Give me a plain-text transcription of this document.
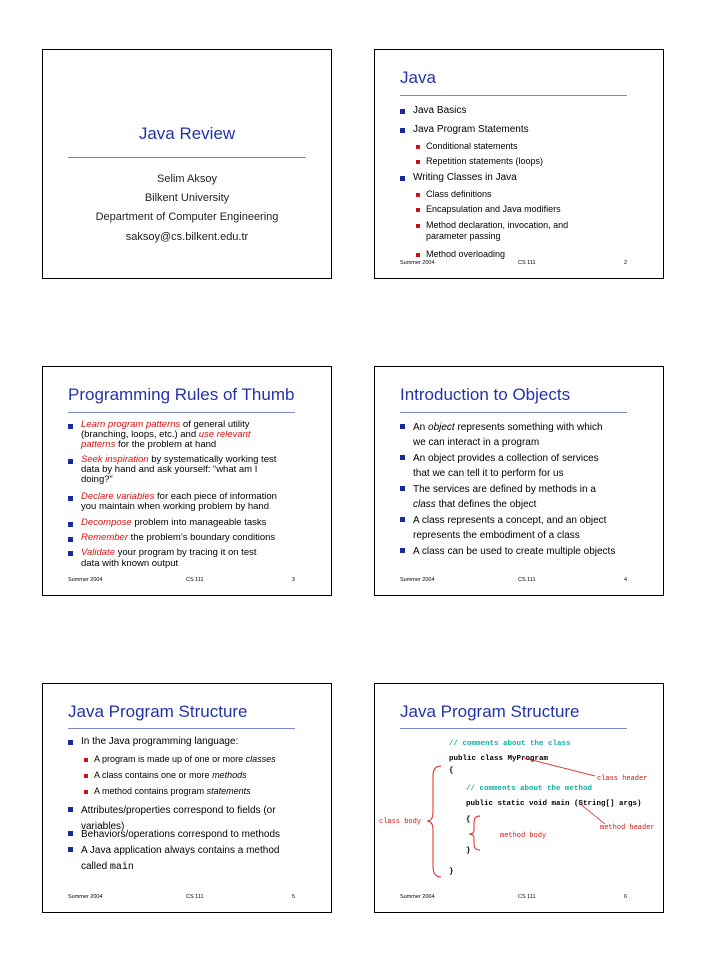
Java Review
Selim Aksoy
Bilkent University
Department of Computer Engineering
saksoy@cs.bilkent.edu.tr
Java
Java Basics
Java Program Statements
Conditional statements
Repetition statements (loops)
Writing Classes in Java
Class definitions
Encapsulation and Java modifiers
Method declaration, invocation, and
parameter passing
Method overloading
Summer 2004	CS 111	2
Programming Rules of Thumb
Learn program patterns of general utility
(branching, loops, etc.) and use relevant
patterns for the problem at hand
Seek inspiration by systematically working test
data by hand and ask yourself: “what am I
doing?”
Declare variables for each piece of information
you maintain when working problem by hand
Decompose problem into manageable tasks
Remember the problem’s boundary conditions
Validate your program by tracing it on test
data with known output
Summer 2004	CS 111	3
Introduction to Objects
An object represents something with which
we can interact in a program
An object provides a collection of services
that we can tell it to perform for us
The services are defined by methods in a
class that defines the object
A class represents a concept, and an object
represents the embodiment of a class
A class can be used to create multiple objects
Summer 2004	CS 111	4
Java Program Structure
In the Java programming language:
A program is made up of one or more classes
A class contains one or more methods
A method contains program statements
Attributes/properties correspond to fields (or
variables)
Behaviors/operations correspond to methods
A Java application always contains a method
called main
Summer 2004	CS 111	5
Java Program Structure
// comments about the class
public class MyProgram
{
// comments about the method
public static void main (String[] args)
{
}
}
class header
class body
method header
method body
Summer 2004	CS 111	6
